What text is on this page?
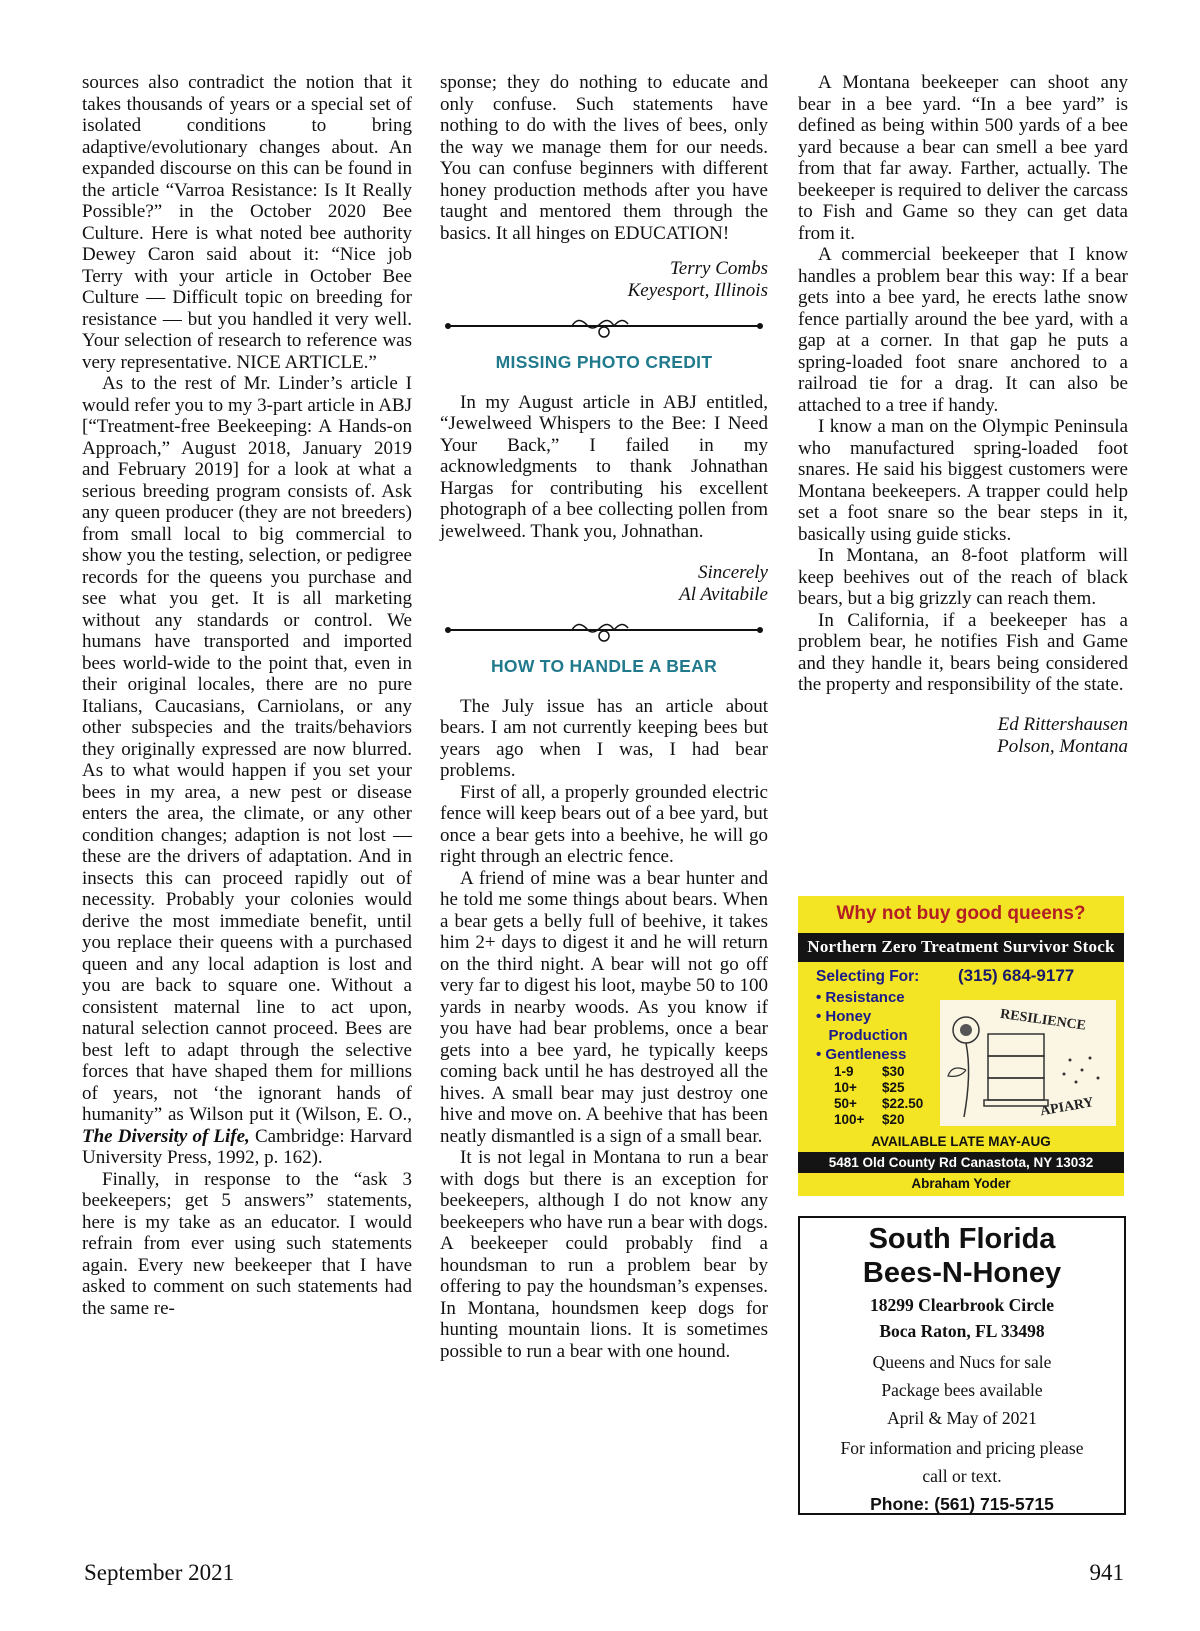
sources also contradict the notion that it takes thousands of years or a special set of isolated conditions to bring adaptive/evolutionary changes about. An expanded discourse on this can be found in the article “Varroa Resistance: Is It Really Possible?” in the October 2020 Bee Culture. Here is what noted bee authority Dewey Caron said about it: “Nice job Terry with your article in October Bee Culture — Difficult topic on breeding for resistance — but you handled it very well. Your selection of research to reference was very representative. NICE ARTICLE.”

As to the rest of Mr. Linder’s article I would refer you to my 3-part article in ABJ [“Treatment-free Beekeeping: A Hands-on Approach,” August 2018, January 2019 and February 2019] for a look at what a serious breeding program consists of. Ask any queen producer (they are not breeders) from small local to big commercial to show you the testing, selection, or pedigree records for the queens you purchase and see what you get. It is all marketing without any standards or control. We humans have transported and imported bees world-wide to the point that, even in their original locales, there are no pure Italians, Caucasians, Carniolans, or any other subspecies and the traits/behaviors they originally expressed are now blurred. As to what would happen if you set your bees in my area, a new pest or disease enters the area, the climate, or any other condition changes; adaption is not lost — these are the drivers of adaptation. And in insects this can proceed rapidly out of necessity. Probably your colonies would derive the most immediate benefit, until you replace their queens with a purchased queen and any local adaption is lost and you are back to square one. Without a consistent maternal line to act upon, natural selection cannot proceed. Bees are best left to adapt through the selective forces that have shaped them for millions of years, not ‘the ignorant hands of humanity” as Wilson put it (Wilson, E. O., The Diversity of Life, Cambridge: Harvard University Press, 1992, p. 162).

Finally, in response to the “ask 3 beekeepers; get 5 answers” statements, here is my take as an educator. I would refrain from ever using such statements again. Every new beekeeper that I have asked to comment on such statements had the same re-

sponse; they do nothing to educate and only confuse. Such statements have nothing to do with the lives of bees, only the way we manage them for our needs. You can confuse beginners with different honey production methods after you have taught and mentored them through the basics. It all hinges on EDUCATION!

Terry Combs
Keyesport, Illinois
MISSING PHOTO CREDIT

In my August article in ABJ entitled, “Jewelweed Whispers to the Bee: I Need Your Back,” I failed in my acknowledgments to thank Johnathan Hargas for contributing his excellent photograph of a bee collecting pollen from jewelweed. Thank you, Johnathan.

Sincerely
Al Avitabile
HOW TO HANDLE A BEAR

The July issue has an article about bears. I am not currently keeping bees but years ago when I was, I had bear problems.

First of all, a properly grounded electric fence will keep bears out of a bee yard, but once a bear gets into a beehive, he will go right through an electric fence.

A friend of mine was a bear hunter and he told me some things about bears. When a bear gets a belly full of beehive, it takes him 2+ days to digest it and he will return on the third night. A bear will not go off very far to digest his loot, maybe 50 to 100 yards in nearby woods. As you know if you have had bear problems, once a bear gets into a bee yard, he typically keeps coming back until he has destroyed all the hives. A small bear may just destroy one hive and move on. A beehive that has been neatly dismantled is a sign of a small bear.

It is not legal in Montana to run a bear with dogs but there is an exception for beekeepers, although I do not know any beekeepers who have run a bear with dogs. A beekeeper could probably find a houndsman to run a problem bear by offering to pay the houndsman’s expenses. In Montana, houndsmen keep dogs for hunting mountain lions. It is sometimes possible to run a bear with one hound.

A Montana beekeeper can shoot any bear in a bee yard. “In a bee yard” is defined as being within 500 yards of a bee yard because a bear can smell a bee yard from that far away. Farther, actually. The beekeeper is required to deliver the carcass to Fish and Game so they can get data from it.

A commercial beekeeper that I know handles a problem bear this way: If a bear gets into a bee yard, he erects lathe snow fence partially around the bee yard, with a gap at a corner. In that gap he puts a spring-loaded foot snare anchored to a railroad tie for a drag. It can also be attached to a tree if handy.

I know a man on the Olympic Peninsula who manufactured spring-loaded foot snares. He said his biggest customers were Montana beekeepers. A trapper could help set a foot snare so the bear steps in it, basically using guide sticks.

In Montana, an 8-foot platform will keep beehives out of the reach of black bears, but a big grizzly can reach them.

In California, if a beekeeper has a problem bear, he notifies Fish and Game and they handle it, bears being considered the property and responsibility of the state.

Ed Rittershausen
Polson, Montana
Why not buy good queens?
Northern Zero Treatment Survivor Stock
Selecting For: (315) 684-9177
• Resistance
• Honey
Production
• Gentleness
1-9 $30
10+ $25
50+ $22.50
100+ $20
RESILIENCE
APIARY
AVAILABLE LATE MAY-AUG
5481 Old County Rd Canastota, NY 13032
Abraham Yoder
South Florida
Bees-N-Honey
18299 Clearbrook Circle
Boca Raton, FL 33498
Queens and Nucs for sale
Package bees available
April & May of 2021
For information and pricing please
call or text.
Phone: (561) 715-5715
September 2021	941
